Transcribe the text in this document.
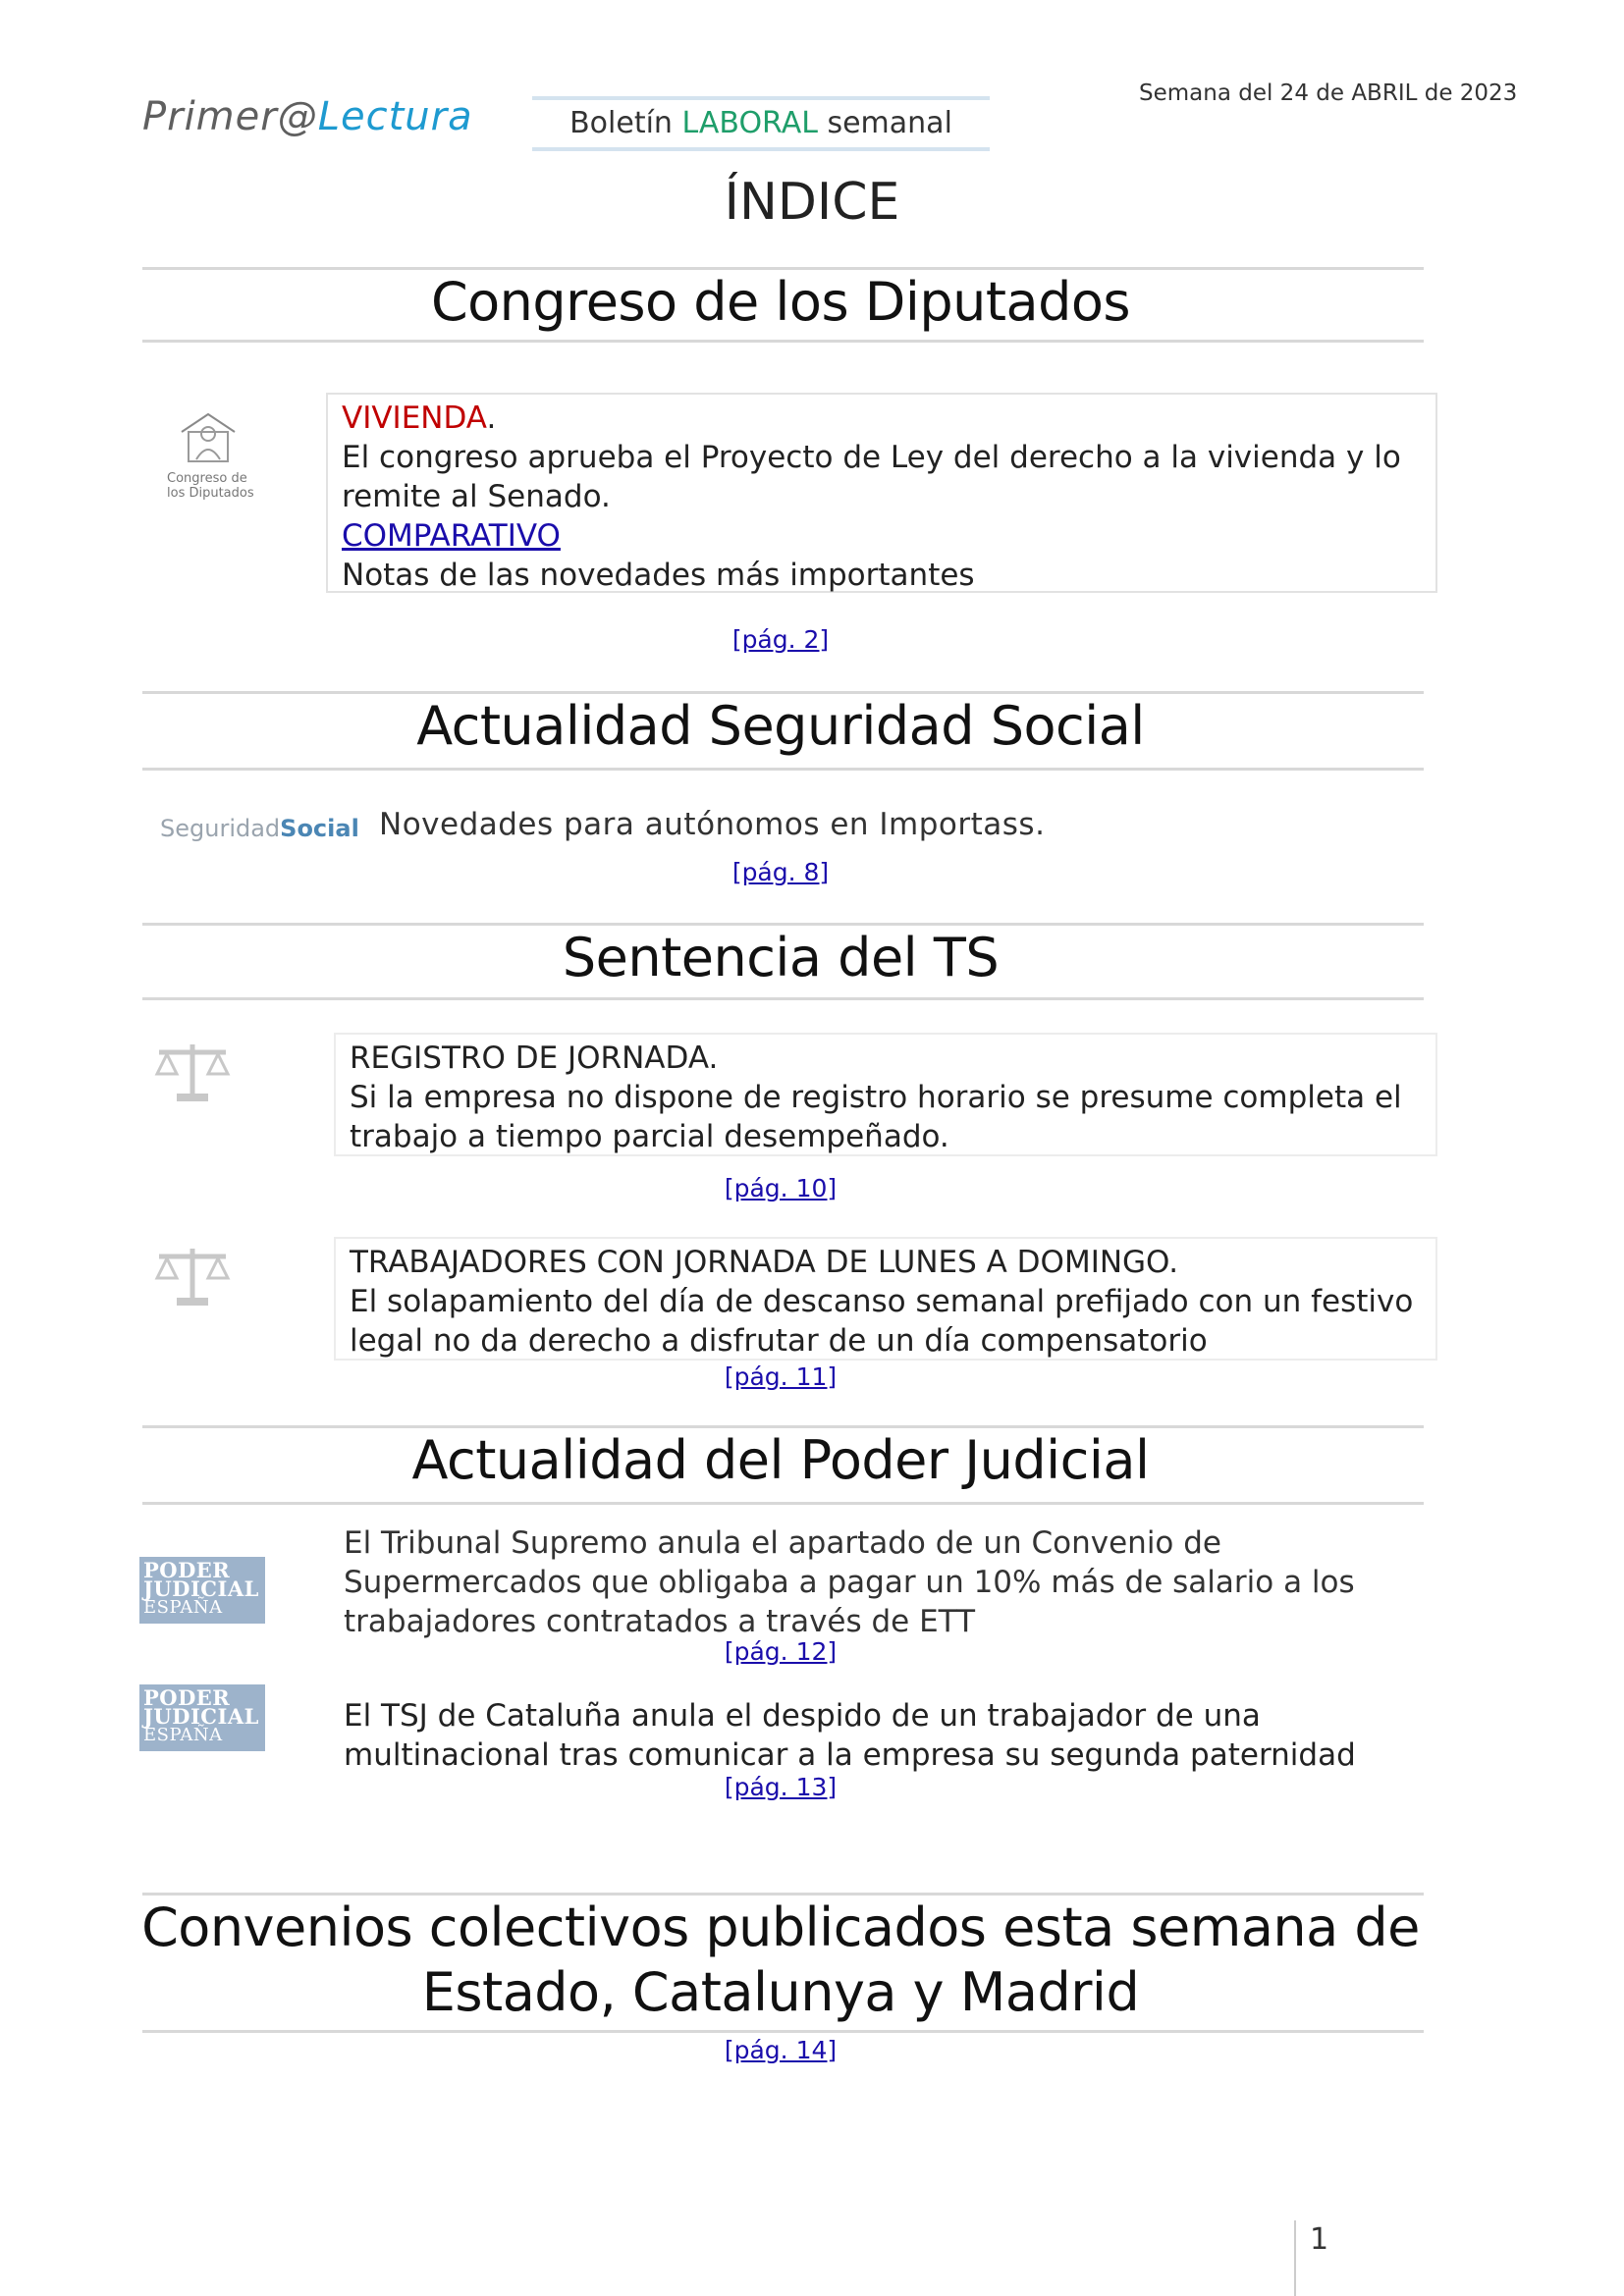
Primer@Lectura	Boletín LABORAL semanal
Semana del 24 de ABRIL de 2023
ÍNDICE
Congreso de los Diputados
Congreso de
los Diputados
VIVIENDA.
El congreso aprueba el Proyecto de Ley del derecho a la vivienda y lo remite al Senado.
COMPARATIVO
Notas de las novedades más importantes
[pág. 2]
Actualidad Seguridad Social
SeguridadSocial Novedades para autónomos en Importass.
[pág. 8]
Sentencia del TS
REGISTRO DE JORNADA.
Si la empresa no dispone de registro horario se presume completa el trabajo a tiempo parcial desempeñado.
[pág. 10]
TRABAJADORES CON JORNADA DE LUNES A DOMINGO.
El solapamiento del día de descanso semanal prefijado con un festivo legal no da derecho a disfrutar de un día compensatorio
[pág. 11]
Actualidad del Poder Judicial
PODER
JUDICIAL
ESPAÑA
El Tribunal Supremo anula el apartado de un Convenio de Supermercados que obligaba a pagar un 10% más de salario a los trabajadores contratados a través de ETT
[pág. 12]
PODER
JUDICIAL
ESPAÑA
El TSJ de Cataluña anula el despido de un trabajador de una multinacional tras comunicar a la empresa su segunda paternidad
[pág. 13]
Convenios colectivos publicados esta semana de
Estado, Catalunya y Madrid
[pág. 14]
1
